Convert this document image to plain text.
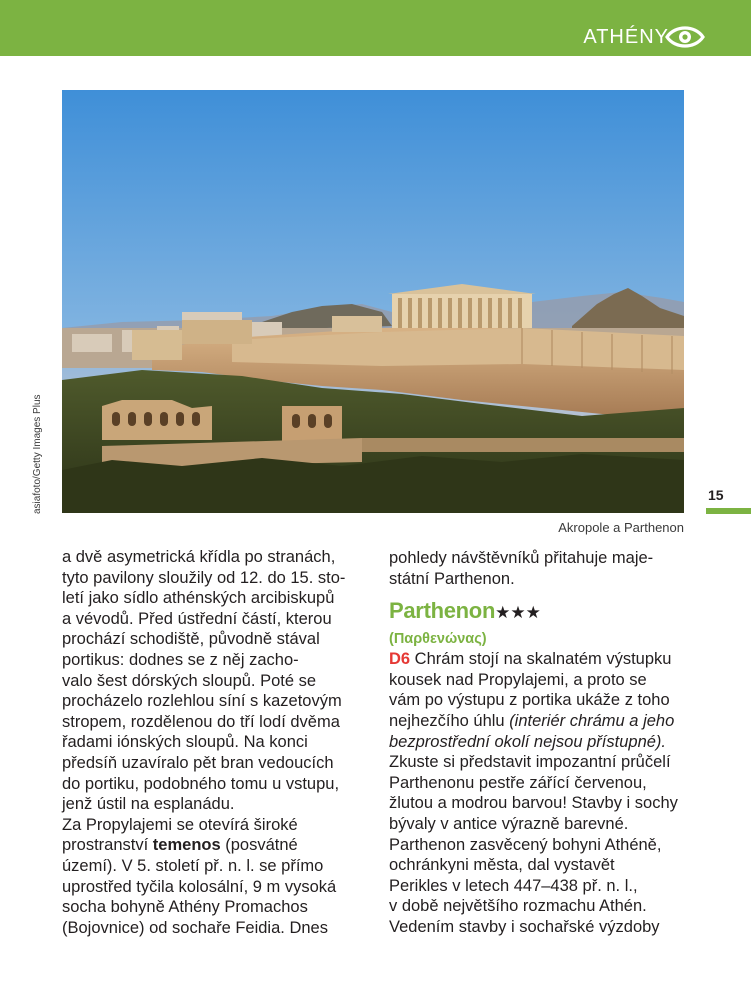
ATHÉNY
asiafoto/Getty Images Plus
Akropole a Parthenon
15

a dvě asymetrická křídla po stranách,
tyto pavilony sloužily od 12. do 15. sto-
letí jako sídlo athénských arcibiskupů
a vévodů. Před ústřední částí, kterou
prochází schodiště, původně stával
portikus: dodnes se z něj zacho-
valo šest dórských sloupů. Poté se
procházelo rozlehlou síní s kazetovým
stropem, rozdělenou do tří lodí dvěma
řadami iónských sloupů. Na konci
předsíň uzavíralo pět bran vedoucích
do portiku, podobného tomu u vstupu,
jenž ústil na esplanádu.

Za Propylajemi se otevírá široké
prostranství temenos (posvátné
území). V 5. století př. n. l. se přímo
uprostřed tyčila kolosální, 9 m vysoká
socha bohyně Athény Promachos
(Bojovnice) od sochaře Feidia. Dnes

pohledy návštěvníků přitahuje maje-
státní Parthenon.

Parthenon★★★
(Παρθενώνας)

D6 Chrám stojí na skalnatém výstupku
kousek nad Propylajemi, a proto se
vám po výstupu z portika ukáže z toho
nejhezčího úhlu (interiér chrámu a jeho
bezprostřední okolí nejsou přístupné).
Zkuste si představit impozantní průčelí
Parthenonu pestře zářící červenou,
žlutou a modrou barvou! Stavby i sochy
bývaly v antice výrazně barevné.
Parthenon zasvěcený bohyni Athéně,
ochránkyni města, dal vystavět
Perikles v letech 447–438 př. n. l.,
v době největšího rozmachu Athén.
Vedením stavby i sochařské výzdoby
